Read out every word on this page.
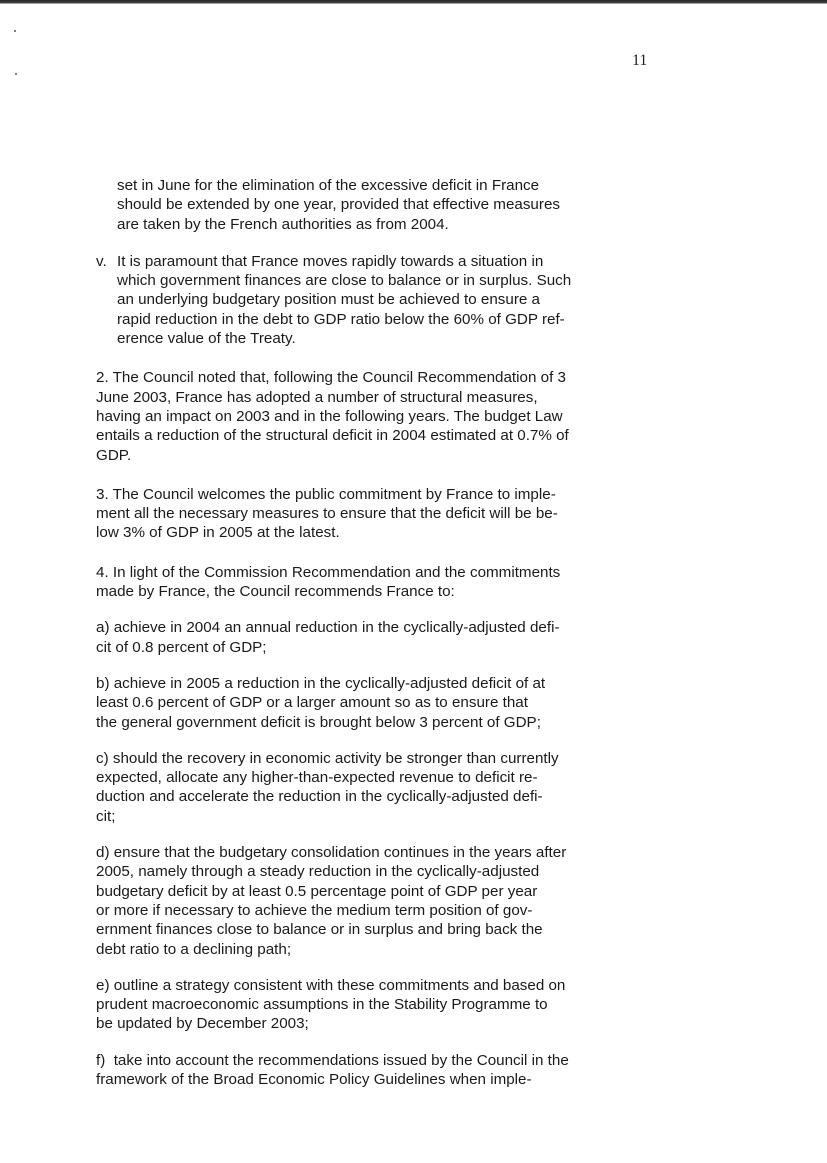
11
set in June for the elimination of the excessive deficit in France
should be extended by one year, provided that effective measures
are taken by the French authorities as from 2004.
v. It is paramount that France moves rapidly towards a situation in
which government finances are close to balance or in surplus. Such
an underlying budgetary position must be achieved to ensure a
rapid reduction in the debt to GDP ratio below the 60% of GDP ref-
erence value of the Treaty.
2. The Council noted that, following the Council Recommendation of 3
June 2003, France has adopted a number of structural measures,
having an impact on 2003 and in the following years. The budget Law
entails a reduction of the structural deficit in 2004 estimated at 0.7% of
GDP.
3. The Council welcomes the public commitment by France to imple-
ment all the necessary measures to ensure that the deficit will be be-
low 3% of GDP in 2005 at the latest.
4. In light of the Commission Recommendation and the commitments
made by France, the Council recommends France to:
a) achieve in 2004 an annual reduction in the cyclically-adjusted defi-
cit of 0.8 percent of GDP;
b) achieve in 2005 a reduction in the cyclically-adjusted deficit of at
least 0.6 percent of GDP or a larger amount so as to ensure that
the general government deficit is brought below 3 percent of GDP;
c) should the recovery in economic activity be stronger than currently
expected, allocate any higher-than-expected revenue to deficit re-
duction and accelerate the reduction in the cyclically-adjusted defi-
cit;
d) ensure that the budgetary consolidation continues in the years after
2005, namely through a steady reduction in the cyclically-adjusted
budgetary deficit by at least 0.5 percentage point of GDP per year
or more if necessary to achieve the medium term position of gov-
ernment finances close to balance or in surplus and bring back the
debt ratio to a declining path;
e) outline a strategy consistent with these commitments and based on
prudent macroeconomic assumptions in the Stability Programme to
be updated by December 2003;
f)  take into account the recommendations issued by the Council in the
framework of the Broad Economic Policy Guidelines when imple-
